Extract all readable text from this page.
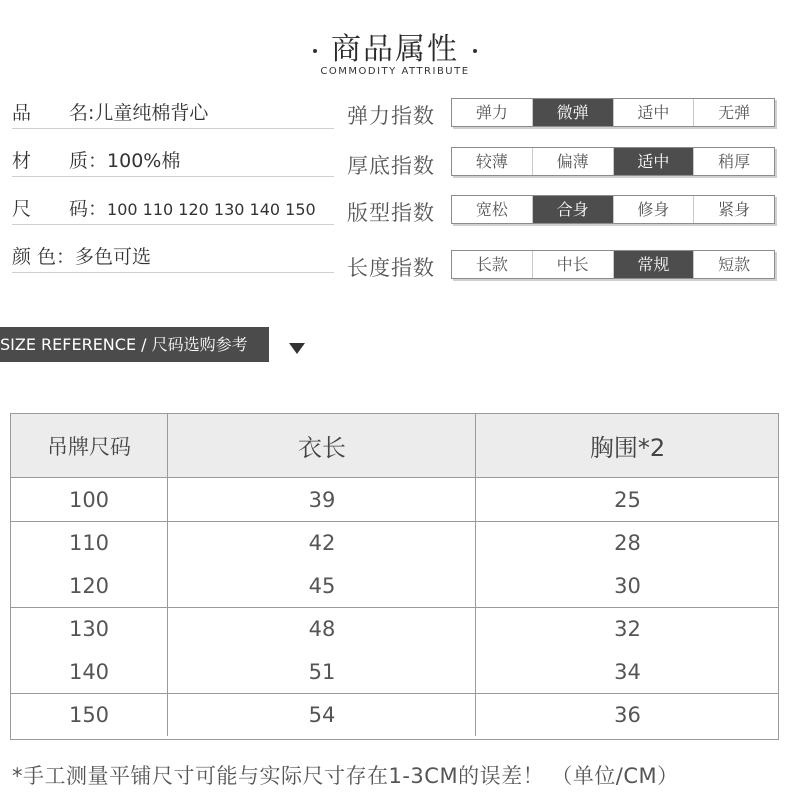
商品属性
COMMODITY ATTRIBUTE
品　　名:儿童纯棉背心
材　　质：100%棉
尺　　码：100 110 120 130 140 150
颜 色：多色可选
弹力指数	弹力	微弹	适中	无弹
厚底指数	较薄	偏薄	适中	稍厚
版型指数	宽松	合身	修身	紧身
长度指数	长款	中长	常规	短款
SIZE REFERENCE / 尺码选购参考
吊牌尺码	衣长	胸围*2
100	39	25
110	42	28
120	45	30
130	48	32
140	51	34
150	54	36
*手工测量平铺尺寸可能与实际尺寸存在1-3CM的误差！ （单位/CM）
